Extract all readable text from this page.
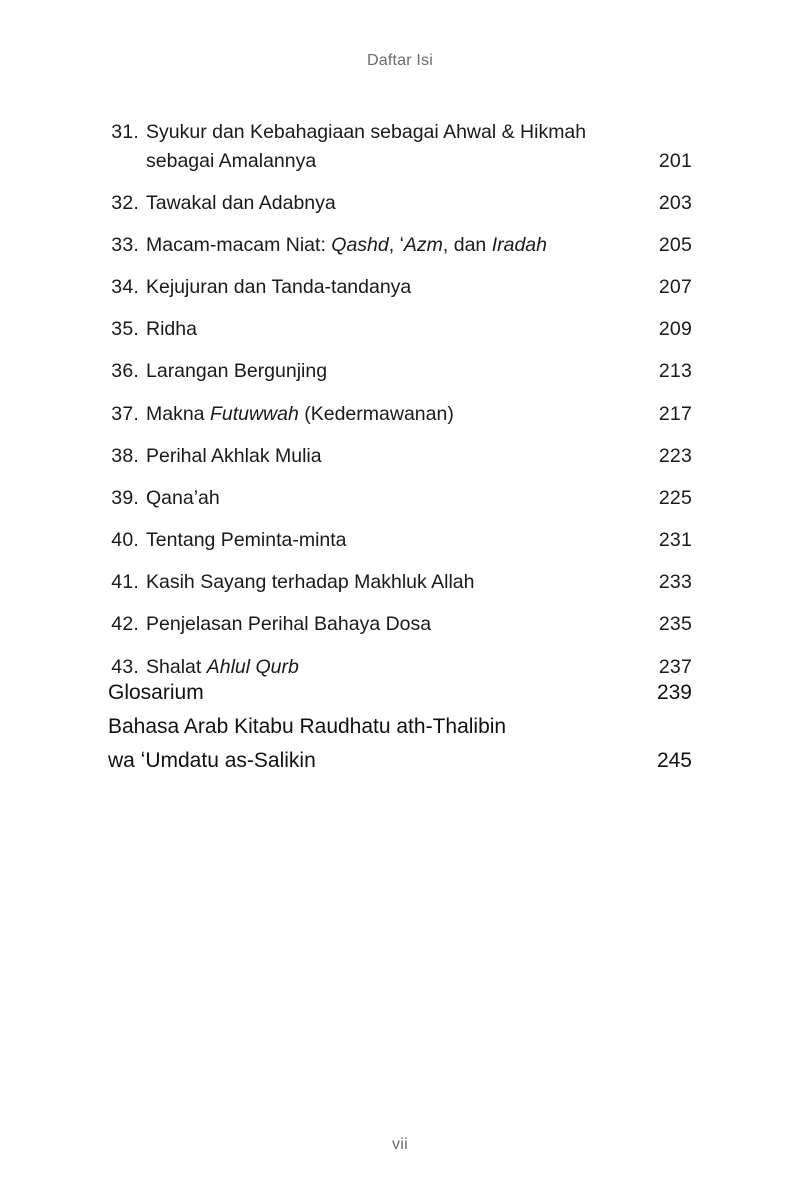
Daftar Isi
31. Syukur dan Kebahagiaan sebagai Ahwal & Hikmah
sebagai Amalannya	201
32. Tawakal dan Adabnya	203
33. Macam-macam Niat: Qashd, ʻAzm, dan Iradah	205
34. Kejujuran dan Tanda-tandanya	207
35. Ridha	209
36. Larangan Bergunjing	213
37. Makna Futuwwah (Kedermawanan)	217
38. Perihal Akhlak Mulia	223
39. Qana’ah	225
40. Tentang Peminta-minta	231
41. Kasih Sayang terhadap Makhluk Allah	233
42. Penjelasan Perihal Bahaya Dosa	235
43. Shalat Ahlul Qurb	237
Glosarium	239
Bahasa Arab Kitabu Raudhatu ath-Thalibin
wa ʻUmdatu as-Salikin	245
vii
